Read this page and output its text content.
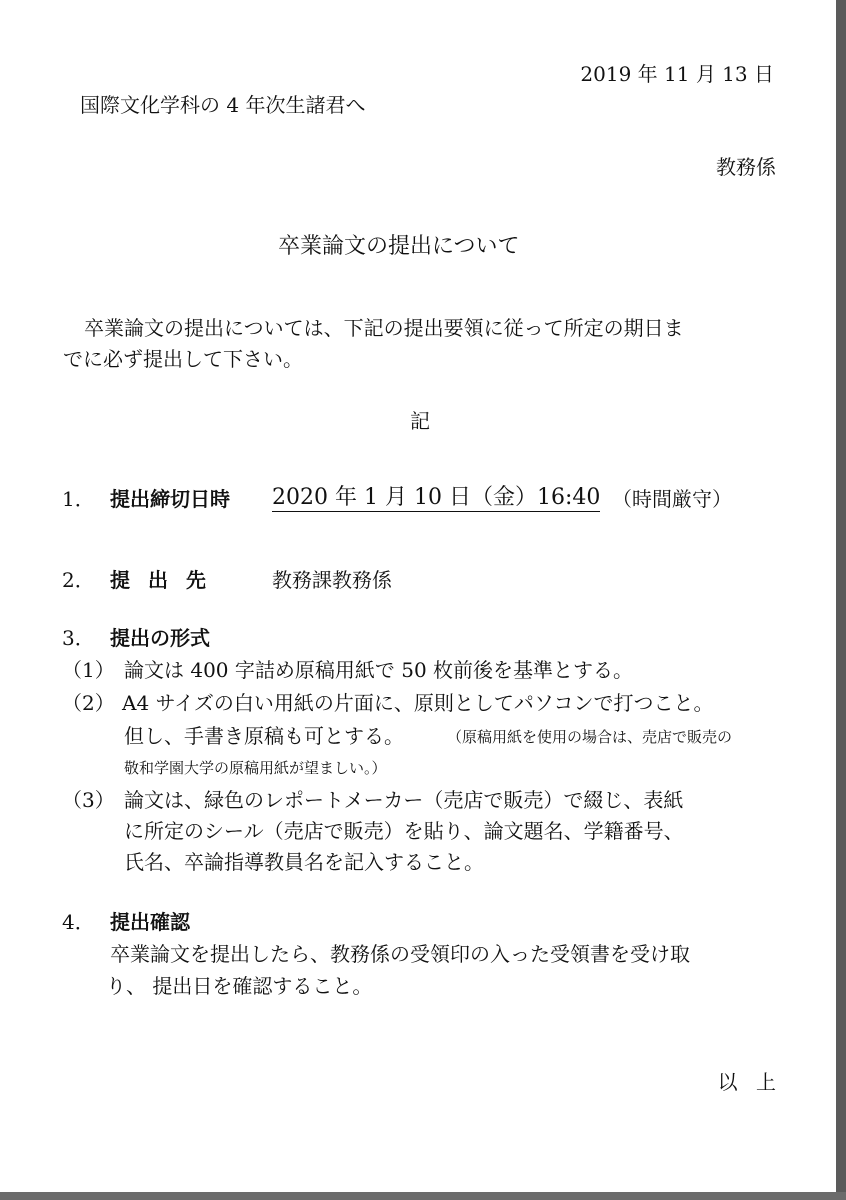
2019 年 11 月 13 日
国際文化学科の 4 年次生諸君へ
教務係
卒業論文の提出について
卒業論文の提出については、下記の提出要領に従って所定の期日ま
でに必ず提出して下さい。
記
1． 提出締切日時 2020 年 1 月 10 日（金）16:40 （時間厳守）
2． 提出先 教務課教務係
3． 提出の形式
（1） 論文は 400 字詰め原稿用紙で 50 枚前後を基準とする。
（2） A4 サイズの白い用紙の片面に、原則としてパソコンで打つこと。
但し、手書き原稿も可とする。	（原稿用紙を使用の場合は、売店で販売の
敬和学園大学の原稿用紙が望ましい。）
（3） 論文は、緑色のレポートメーカー（売店で販売）で綴じ、表紙
に所定のシール（売店で販売）を貼り、論文題名、学籍番号、
氏名、卒論指導教員名を記入すること。
4． 提出確認
卒業論文を提出したら、教務係の受領印の入った受領書を受け取
り、 提出日を確認すること。
以 上
